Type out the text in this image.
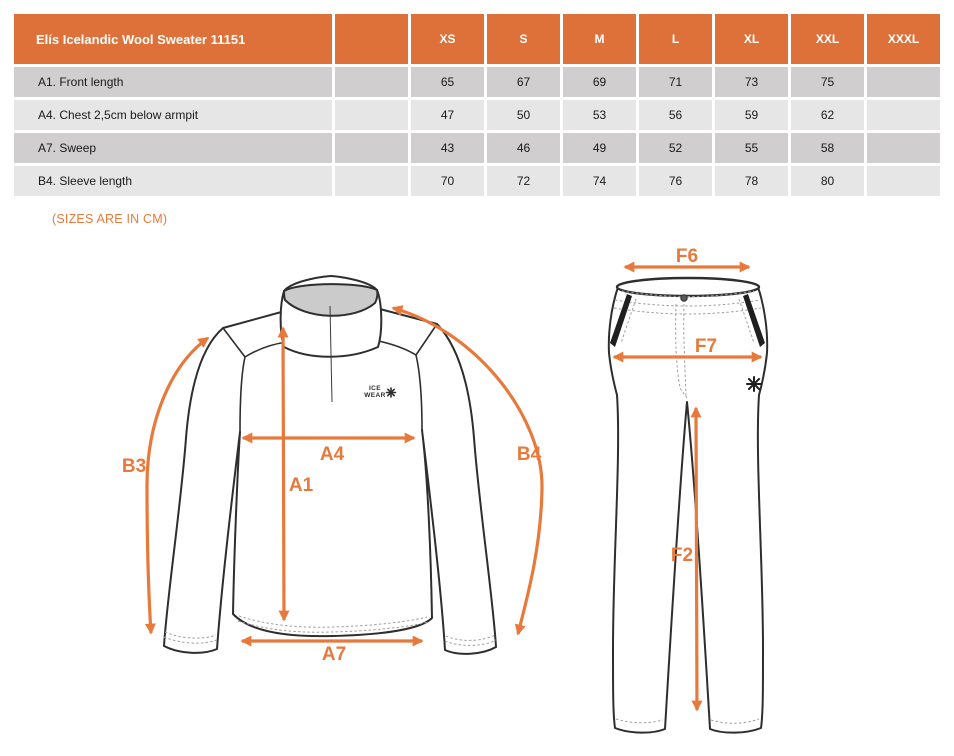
Elís Icelandic Wool Sweater 11151		XS	S	M	L	XL	XXL	XXXL
A1. Front length		65	67	69	71	73	75	
A4. Chest 2,5cm below armpit		47	50	53	56	59	62	
A7. Sweep		43	46	49	52	55	58	
B4. Sleeve length		70	72	74	76	78	80	
(SIZES ARE IN CM)
ICE
WEAR
B3
B4
A4
A1
A7
F6
F7
F2
